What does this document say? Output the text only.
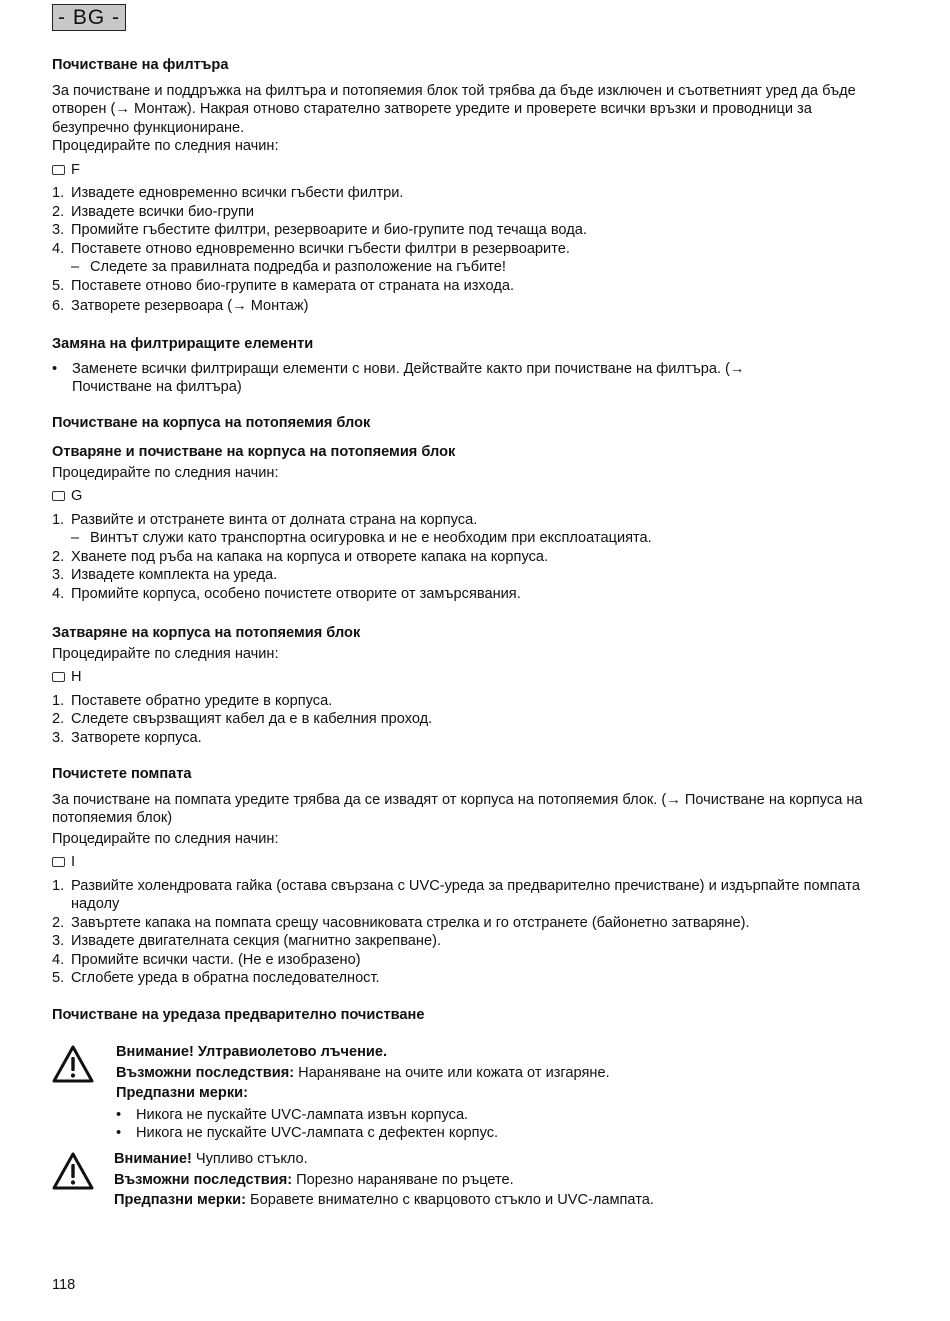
- BG -

Почистване на филтъра

За почистване и поддръжка на филтъра и потопяемия блок той трябва да бъде изключен и съответният уред да бъде отворен (→ Монтаж). Накрая отново старателно затворете уредите и проверете всички връзки и проводници за безупречно функциониране.

Процедирайте по следния начин:

F

1. Извадете едновременно всички гъбести филтри.
2. Извадете всички био-групи
3. Промийте гъбестите филтри, резервоарите и био-групите под течаща вода.
4. Поставете отново едновременно всички гъбести филтри в резервоарите.
– Следете за правилната подредба и разположение на гъбите!
5. Поставете отново био-групите в камерата от страната на изхода.
6. Затворете резервоара (→ Монтаж)

Замяна на филтриращите елементи

•	Заменете всички филтриращи елементи с нови. Действайте както при почистване на филтъра. (→
Почистване на филтъра)

Почистване на корпуса на потопяемия блок

Отваряне и почистване на корпуса на потопяемия блок

Процедирайте по следния начин:

G

1. Развийте и отстранете винта от долната страна на корпуса.
– Винтът служи като транспортна осигуровка и не е необходим при експлоатацията.
2. Хванете под ръба на капака на корпуса и отворете капака на корпуса.
3. Извадете комплекта на уреда.
4. Промийте корпуса, особено почистете отворите от замърсявания.

Затваряне на корпуса на потопяемия блок

Процедирайте по следния начин:

H

1. Поставете обратно уредите в корпуса.
2. Следете свързващият кабел да е в кабелния проход.
3. Затворете корпуса.

Почистете помпата

За почистване на помпата уредите трябва да се извадят от корпуса на потопяемия блок. (→ Почистване на корпуса на потопяемия блок)

Процедирайте по следния начин:

I

1. Развийте холендровата гайка (остава свързана с UVC-уреда за предварително пречистване) и издърпайте помпата надолу
2. Завъртете капака на помпата срещу часовниковата стрелка и го отстранете (байонетно затваряне).
3. Извадете двигателната секция (магнитно закрепване).
4. Промийте всички части. (Не е изобразено)
5. Сглобете уреда в обратна последователност.

Почистване на уредаза предварително почистване

Внимание! Ултравиолетово лъчение.

Възможни последствия: Нараняване на очите или кожата от изгаряне.

Предпазни мерки:

•	Никога не пускайте UVC-лампата извън корпуса.
•	Никога не пускайте UVC-лампата с дефектен корпус.

Внимание! Чупливо стъкло.

Възможни последствия: Порезно нараняване по ръцете.

Предпазни мерки: Боравете внимателно с кварцовото стъкло и UVC-лампата.

118
